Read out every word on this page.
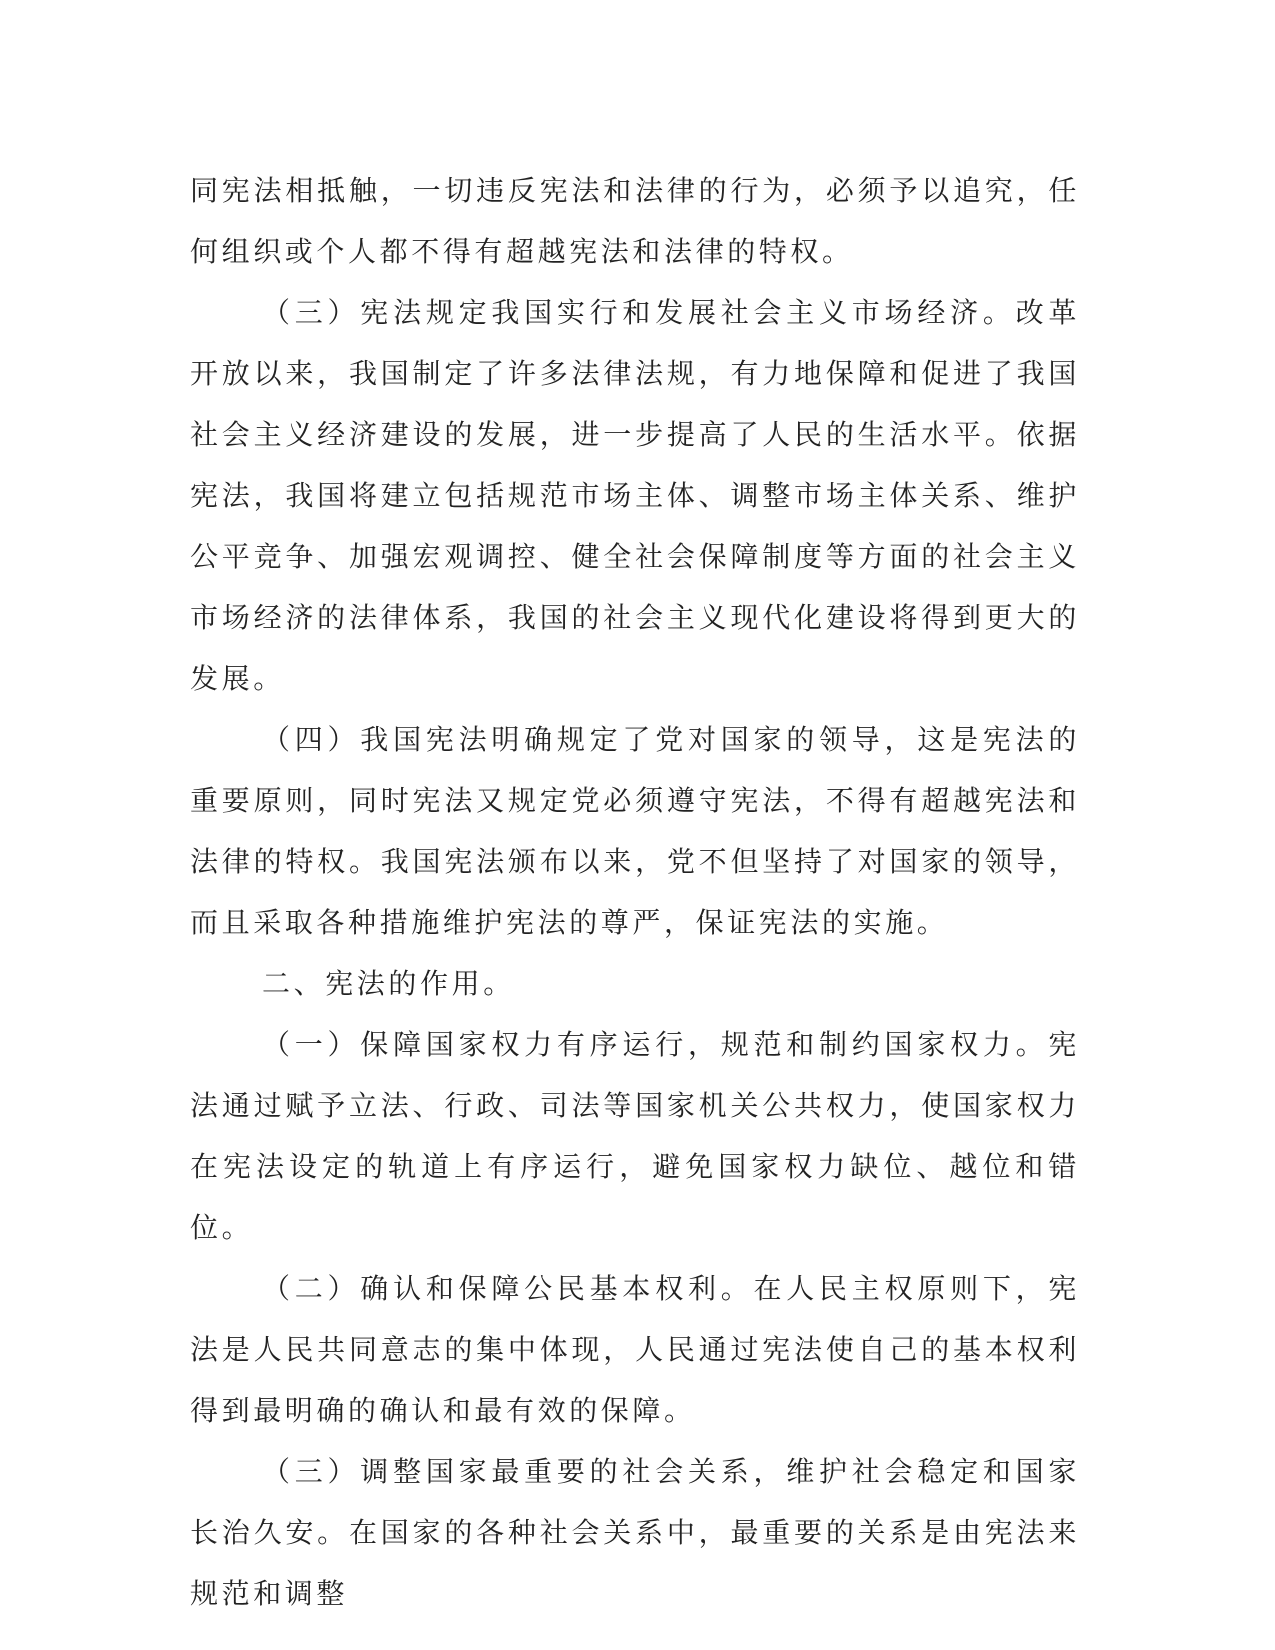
同宪法相抵触，一切违反宪法和法律的行为，必须予以追究，任何组织或个人都不得有超越宪法和法律的特权。

（三）宪法规定我国实行和发展社会主义市场经济。改革开放以来，我国制定了许多法律法规，有力地保障和促进了我国社会主义经济建设的发展，进一步提高了人民的生活水平。依据宪法，我国将建立包括规范市场主体、调整市场主体关系、维护公平竞争、加强宏观调控、健全社会保障制度等方面的社会主义市场经济的法律体系，我国的社会主义现代化建设将得到更大的发展。

（四）我国宪法明确规定了党对国家的领导，这是宪法的重要原则，同时宪法又规定党必须遵守宪法，不得有超越宪法和法律的特权。我国宪法颁布以来，党不但坚持了对国家的领导，而且采取各种措施维护宪法的尊严，保证宪法的实施。

二、宪法的作用。

（一）保障国家权力有序运行，规范和制约国家权力。宪法通过赋予立法、行政、司法等国家机关公共权力，使国家权力在宪法设定的轨道上有序运行，避免国家权力缺位、越位和错位。

（二）确认和保障公民基本权利。在人民主权原则下，宪法是人民共同意志的集中体现，人民通过宪法使自己的基本权利得到最明确的确认和最有效的保障。

（三）调整国家最重要的社会关系，维护社会稳定和国家长治久安。在国家的各种社会关系中，最重要的关系是由宪法来规范和调整
